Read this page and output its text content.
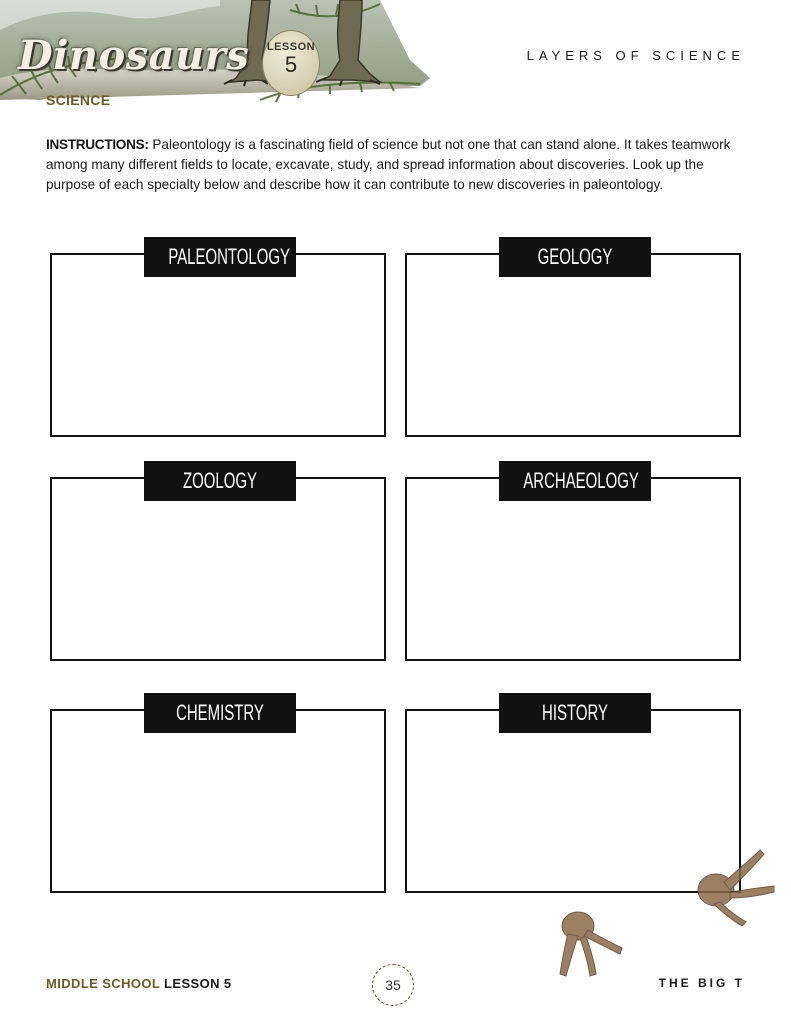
Dinosaurs	LESSON
5
SCIENCE
LAYERS OF SCIENCE
INSTRUCTIONS: Paleontology is a fascinating field of science but not one that can stand alone. It takes teamwork among many different fields to locate, excavate, study, and spread information about discoveries. Look up the purpose of each specialty below and describe how it can contribute to new discoveries in paleontology.
PALEONTOLOGY	GEOLOGY
ZOOLOGY	ARCHAEOLOGY
CHEMISTRY	HISTORY
MIDDLE SCHOOL LESSON 5	35	THE BIG T
